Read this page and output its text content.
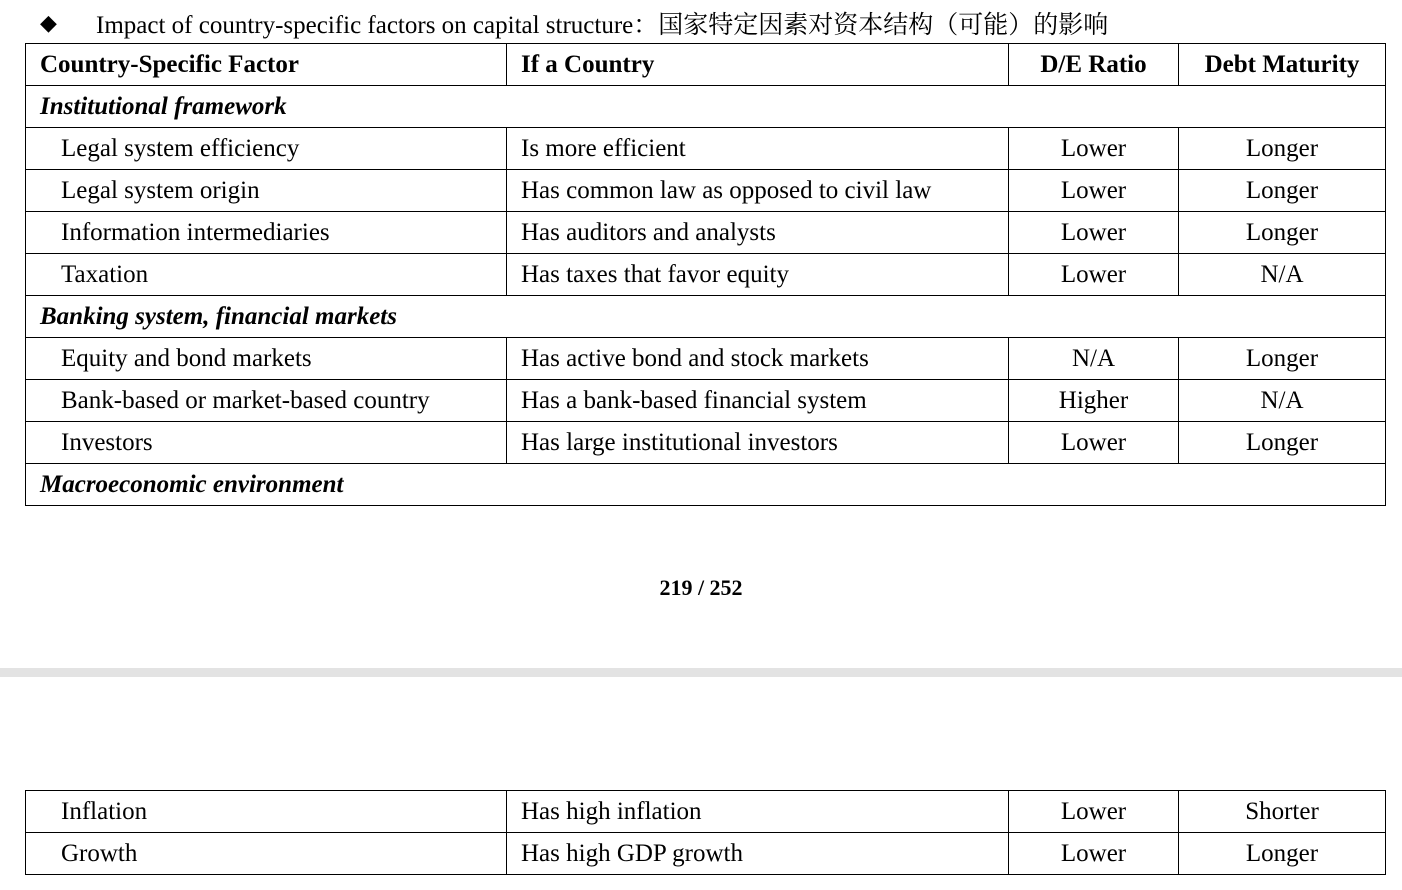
◆	Impact of country-specific factors on capital structure：国家特定因素对资本结构（可能）的影响
Country-Specific Factor	If a Country	D/E Ratio	Debt Maturity
Institutional framework			
Legal system efficiency	Is more efficient	Lower	Longer
Legal system origin	Has common law as opposed to civil law	Lower	Longer
Information intermediaries	Has auditors and analysts	Lower	Longer
Taxation	Has taxes that favor equity	Lower	N/A
Banking system, financial markets			
Equity and bond markets	Has active bond and stock markets	N/A	Longer
Bank-based or market-based country	Has a bank-based financial system	Higher	N/A
Investors	Has large institutional investors	Lower	Longer
Macroeconomic environment			
219 / 252
Inflation	Has high inflation	Lower	Shorter
Growth	Has high GDP growth	Lower	Longer
